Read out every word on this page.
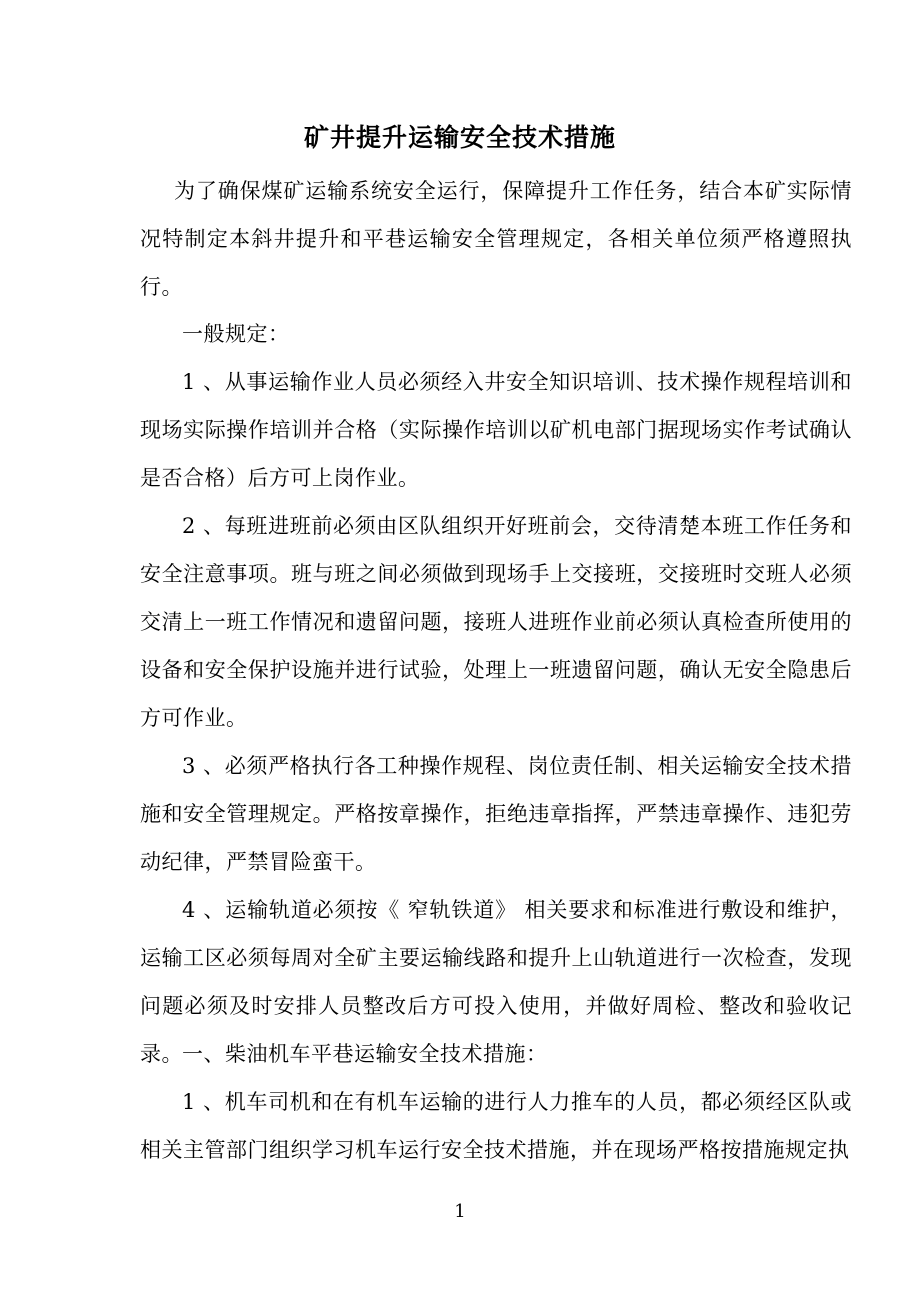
矿井提升运输安全技术措施

为了确保煤矿运输系统安全运行，保障提升工作任务，结合本矿实际情况特制定本斜井提升和平巷运输安全管理规定，各相关单位须严格遵照执行。

一般规定：

1 、从事运输作业人员必须经入井安全知识培训、技术操作规程培训和现场实际操作培训并合格（实际操作培训以矿机电部门据现场实作考试确认是否合格）后方可上岗作业。

2 、每班进班前必须由区队组织开好班前会，交待清楚本班工作任务和安全注意事项。班与班之间必须做到现场手上交接班，交接班时交班人必须交清上一班工作情况和遗留问题，接班人进班作业前必须认真检查所使用的设备和安全保护设施并进行试验，处理上一班遗留问题，确认无安全隐患后方可作业。

3 、必须严格执行各工种操作规程、岗位责任制、相关运输安全技术措施和安全管理规定。严格按章操作，拒绝违章指挥，严禁违章操作、违犯劳动纪律，严禁冒险蛮干。

4 、运输轨道必须按《 窄轨铁道》 相关要求和标准进行敷设和维护，运输工区必须每周对全矿主要运输线路和提升上山轨道进行一次检查，发现问题必须及时安排人员整改后方可投入使用，并做好周检、整改和验收记录。 一、柴油机车平巷运输安全技术措施：

1 、机车司机和在有机车运输的进行人力推车的人员，都必须经区队或相关主管部门组织学习机车运行安全技术措施，并在现场严格按措施规定执

1
